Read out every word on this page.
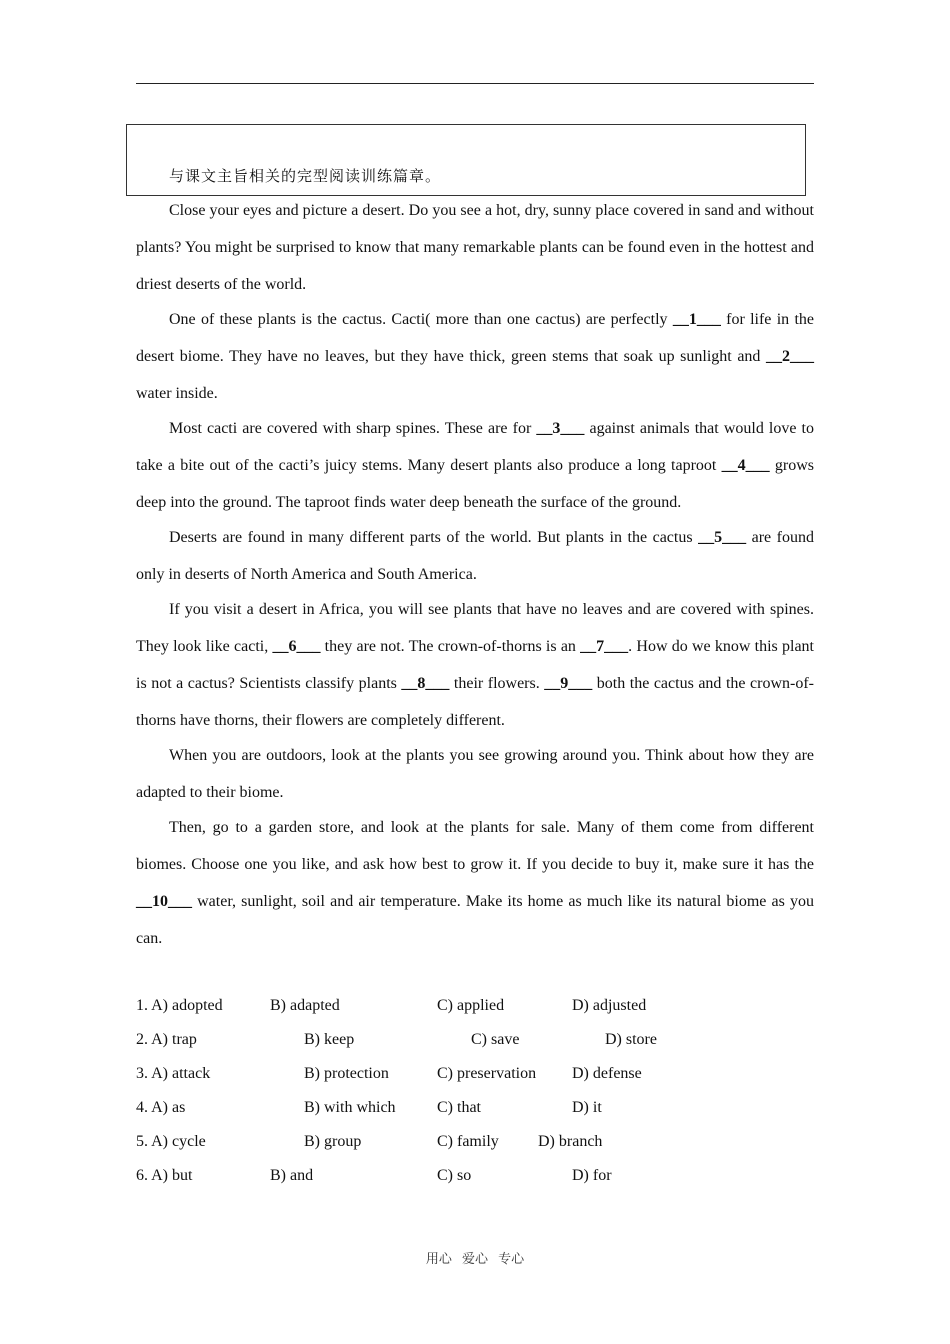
与课文主旨相关的完型阅读训练篇章。

Close your eyes and picture a desert. Do you see a hot, dry, sunny place covered in sand and without plants? You might be surprised to know that many remarkable plants can be found even in the hottest and driest deserts of the world.

One of these plants is the cactus. Cacti( more than one cactus) are perfectly __1___ for life in the desert biome. They have no leaves, but they have thick, green stems that soak up sunlight and __2___ water inside.

Most cacti are covered with sharp spines. These are for __3___ against animals that would love to take a bite out of the cacti’s juicy stems. Many desert plants also produce a long taproot __4___ grows deep into the ground. The taproot finds water deep beneath the surface of the ground.

Deserts are found in many different parts of the world. But plants in the cactus __5___ are found only in deserts of North America and South America.

If you visit a desert in Africa, you will see plants that have no leaves and are covered with spines. They look like cacti, __6___ they are not. The crown-of-thorns is an __7___. How do we know this plant is not a cactus? Scientists classify plants __8___ their flowers. __9___ both the cactus and the crown-of-thorns have thorns, their flowers are completely different.

When you are outdoors, look at the plants you see growing around you. Think about how they are adapted to their biome.

Then, go to a garden store, and look at the plants for sale. Many of them come from different biomes. Choose one you like, and ask how best to grow it. If you decide to buy it, make sure it has the __10___ water, sunlight, soil and air temperature. Make its home as much like its natural biome as you can.

1. A) adopted	B) adapted	C) applied	D) adjusted
2. A) trap	B) keep	C) save	D) store
3. A) attack	B) protection	C) preservation D) defense
4. A) as	B) with which	C) that	D) it
5. A) cycle	B) group	C) family D) branch
6. A) but	B) and	C) so	D) for
用心 爱心 专心
